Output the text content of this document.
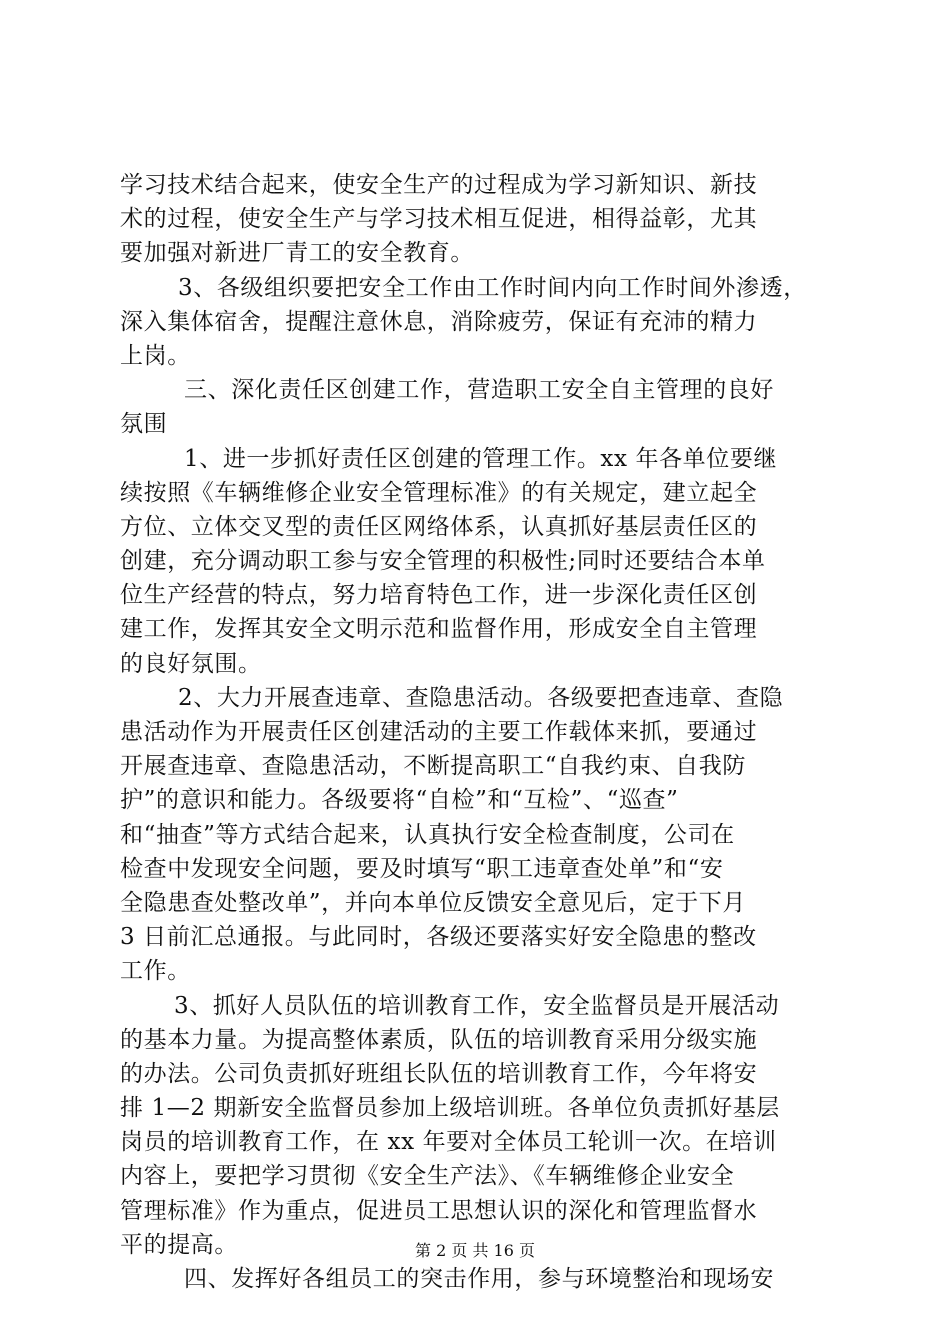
学习技术结合起来，使安全生产的过程成为学习新知识、新技
术的过程，使安全生产与学习技术相互促进，相得益彰，尤其
要加强对新进厂青工的安全教育。
3、各级组织要把安全工作由工作时间内向工作时间外渗透，
深入集体宿舍，提醒注意休息，消除疲劳，保证有充沛的精力
上岗。
三、深化责任区创建工作，营造职工安全自主管理的良好
氛围
1、进一步抓好责任区创建的管理工作。xx 年各单位要继
续按照《车辆维修企业安全管理标准》的有关规定，建立起全
方位、立体交叉型的责任区网络体系，认真抓好基层责任区的
创建，充分调动职工参与安全管理的积极性;同时还要结合本单
位生产经营的特点，努力培育特色工作，进一步深化责任区创
建工作，发挥其安全文明示范和监督作用，形成安全自主管理
的良好氛围。
2、大力开展查违章、查隐患活动。各级要把查违章、查隐
患活动作为开展责任区创建活动的主要工作载体来抓，要通过
开展查违章、查隐患活动，不断提高职工“自我约束、自我防
护”的意识和能力。各级要将“自检”和“互检”、“巡查”
和“抽查”等方式结合起来，认真执行安全检查制度，公司在
检查中发现安全问题，要及时填写“职工违章查处单”和“安
全隐患查处整改单”，并向本单位反馈安全意见后，定于下月
3 日前汇总通报。与此同时，各级还要落实好安全隐患的整改
工作。
3、抓好人员队伍的培训教育工作，安全监督员是开展活动
的基本力量。为提高整体素质，队伍的培训教育采用分级实施
的办法。公司负责抓好班组长队伍的培训教育工作，今年将安
排 1—2 期新安全监督员参加上级培训班。各单位负责抓好基层
岗员的培训教育工作，在 xx 年要对全体员工轮训一次。在培训
内容上，要把学习贯彻《安全生产法》、《车辆维修企业安全
管理标准》作为重点，促进员工思想认识的深化和管理监督水
平的提高。
四、发挥好各组员工的突击作用，参与环境整治和现场安
第 2 页 共 16 页
